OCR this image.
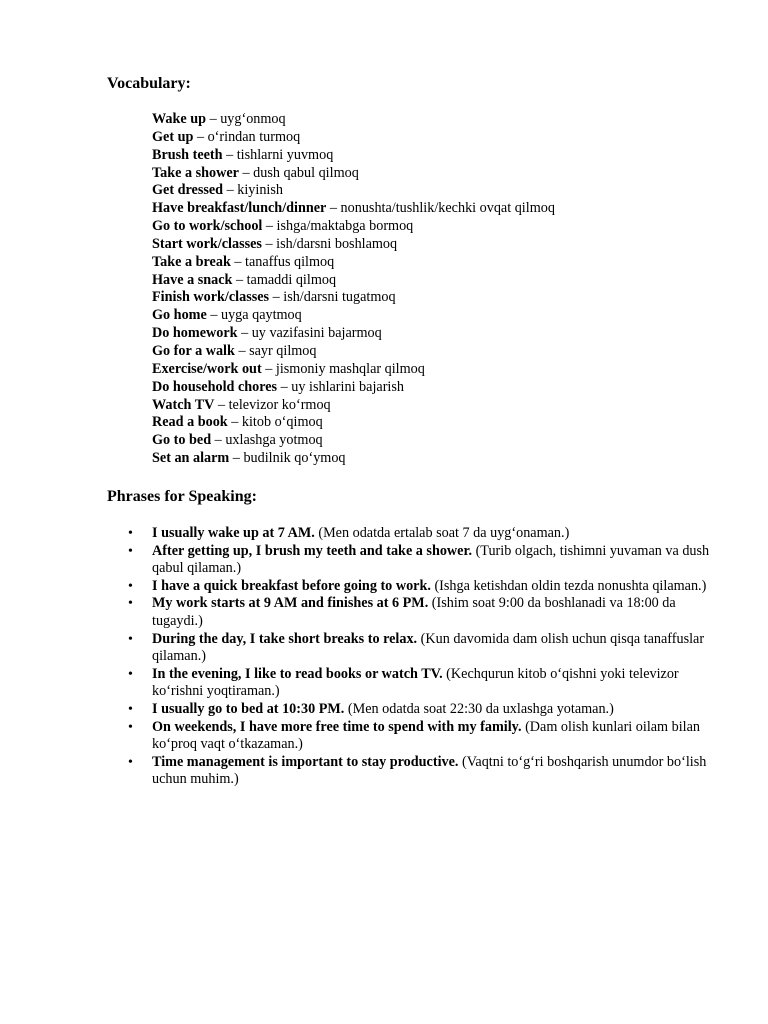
Vocabulary:
Wake up – uyg‘onmoq
Get up – o‘rindan turmoq
Brush teeth – tishlarni yuvmoq
Take a shower – dush qabul qilmoq
Get dressed – kiyinish
Have breakfast/lunch/dinner – nonushta/tushlik/kechki ovqat qilmoq
Go to work/school – ishga/maktabga bormoq
Start work/classes – ish/darsni boshlamoq
Take a break – tanaffus qilmoq
Have a snack – tamaddi qilmoq
Finish work/classes – ish/darsni tugatmoq
Go home – uyga qaytmoq
Do homework – uy vazifasini bajarmoq
Go for a walk – sayr qilmoq
Exercise/work out – jismoniy mashqlar qilmoq
Do household chores – uy ishlarini bajarish
Watch TV – televizor ko‘rmoq
Read a book – kitob o‘qimoq
Go to bed – uxlashga yotmoq
Set an alarm – budilnik qo‘ymoq
Phrases for Speaking:
• I usually wake up at 7 AM. (Men odatda ertalab soat 7 da uyg‘onaman.)
• After getting up, I brush my teeth and take a shower. (Turib olgach, tishimni yuvaman va dush qabul qilaman.)
• I have a quick breakfast before going to work. (Ishga ketishdan oldin tezda nonushta qilaman.)
• My work starts at 9 AM and finishes at 6 PM. (Ishim soat 9:00 da boshlanadi va 18:00 da tugaydi.)
• During the day, I take short breaks to relax. (Kun davomida dam olish uchun qisqa tanaffuslar qilaman.)
• In the evening, I like to read books or watch TV. (Kechqurun kitob o‘qishni yoki televizor ko‘rishni yoqtiraman.)
• I usually go to bed at 10:30 PM. (Men odatda soat 22:30 da uxlashga yotaman.)
• On weekends, I have more free time to spend with my family. (Dam olish kunlari oilam bilan ko‘proq vaqt o‘tkazaman.)
• Time management is important to stay productive. (Vaqtni to‘g‘ri boshqarish unumdor bo‘lish uchun muhim.)
